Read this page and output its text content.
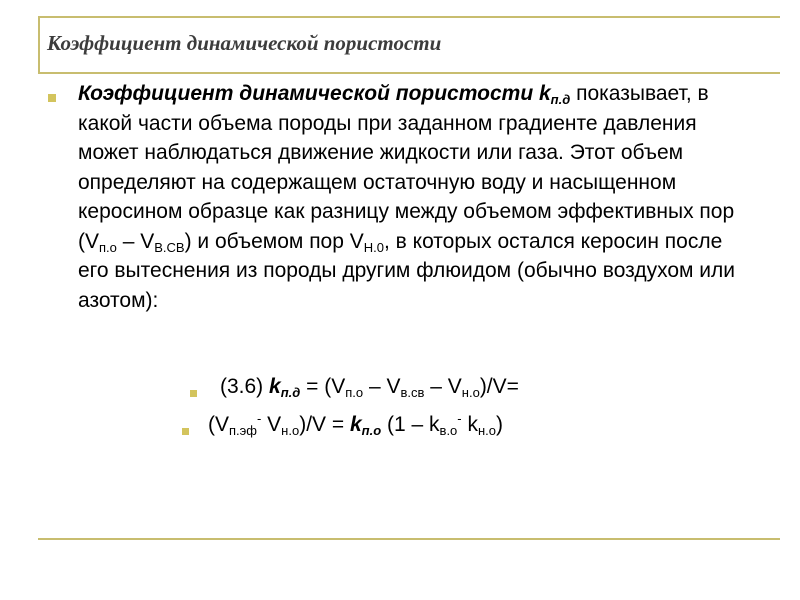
Коэффициент динамической пористости
Коэффициент динамической пористости $k_{п.д}$ показывает, в какой части объема породы при заданном градиенте давления может наблюдаться движение жидкости или газа. Этот объем определяют на содержащем остаточную воду и насыщенном керосином образце как разницу между объемом эффективных пор $(V_{п.о} - V_{В.СВ})$ и объемом пор $V_{Н.0}$, в которых остался керосин после его вытеснения из породы другим флюидом (обычно воздухом или азотом):
(3.6) $k_{п.д} = (V_{п.о} - V_{в.св} - V_{н.о})/V=$
($V_{п.эф}^-$ $V_{н.о})/V = k_{п.о}$ ($1 - k_{в.о}^-$ $k_{н.о}$)
